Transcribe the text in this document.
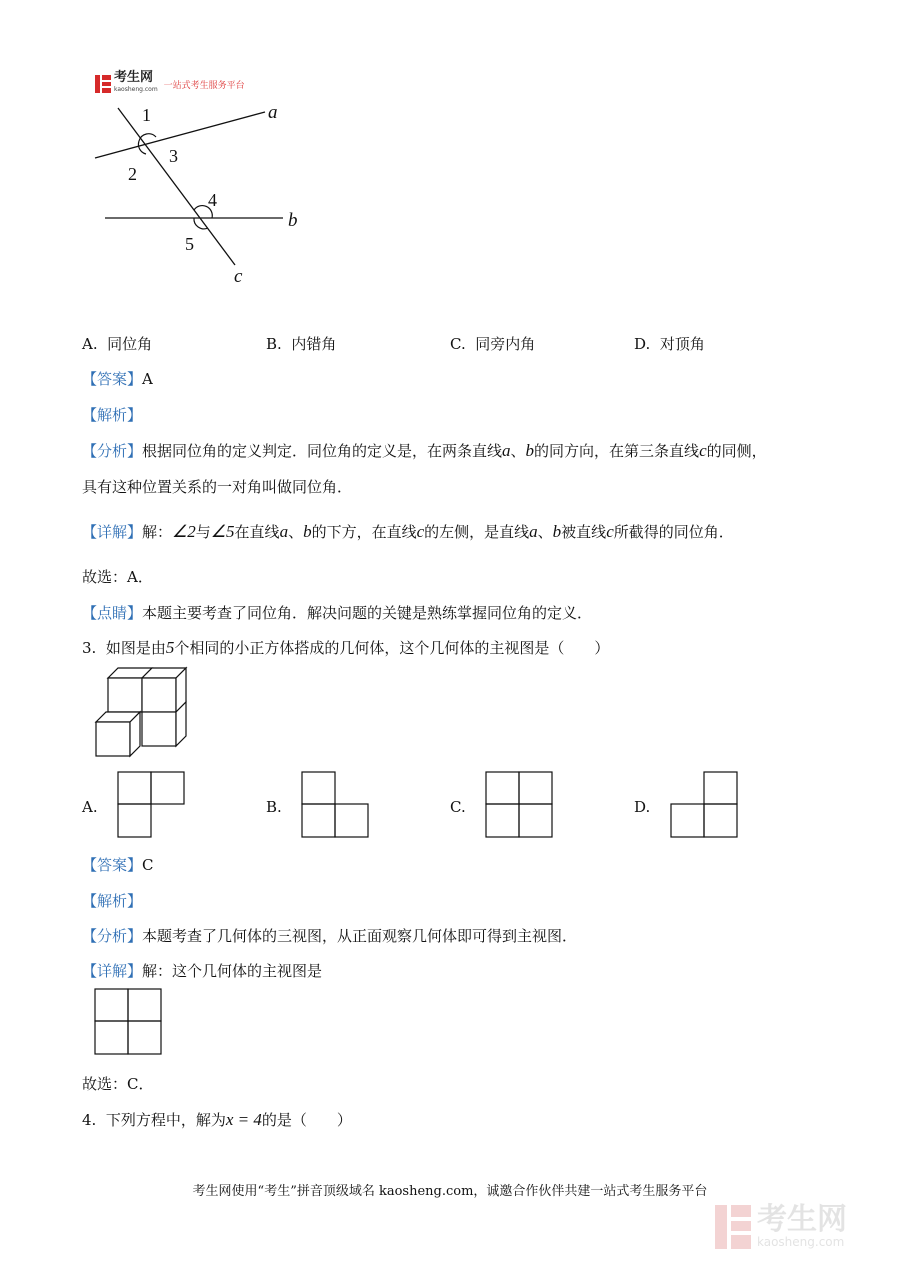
考生网
kaosheng.com 一站式考生服务平台
1
2
3
4
5
a
b
c
A. 同位角	B. 内错角	C. 同旁内角	D. 对顶角
【答案】A
【解析】
【分析】根据同位角的定义判定．同位角的定义是，在两条直线a、b的同方向，在第三条直线c的同侧，
具有这种位置关系的一对角叫做同位角．
【详解】解：∠2与∠5在直线a、b的下方，在直线c的左侧，是直线a、b被直线c所截得的同位角．
故选：A．
【点睛】本题主要考查了同位角．解决问题的关键是熟练掌握同位角的定义．
3. 如图是由5个相同的小正方体搭成的几何体，这个几何体的主视图是（　　）
A.	B.	C.	D.
【答案】C
【解析】
【分析】本题考查了几何体的三视图，从正面观察几何体即可得到主视图．
【详解】解：这个几何体的主视图是
故选：C．
4. 下列方程中，解为x = 4的是（　　）
考生网使用“考生”拼音顶级域名 kaosheng.com，诚邀合作伙伴共建一站式考生服务平台
考生网
kaosheng.com
